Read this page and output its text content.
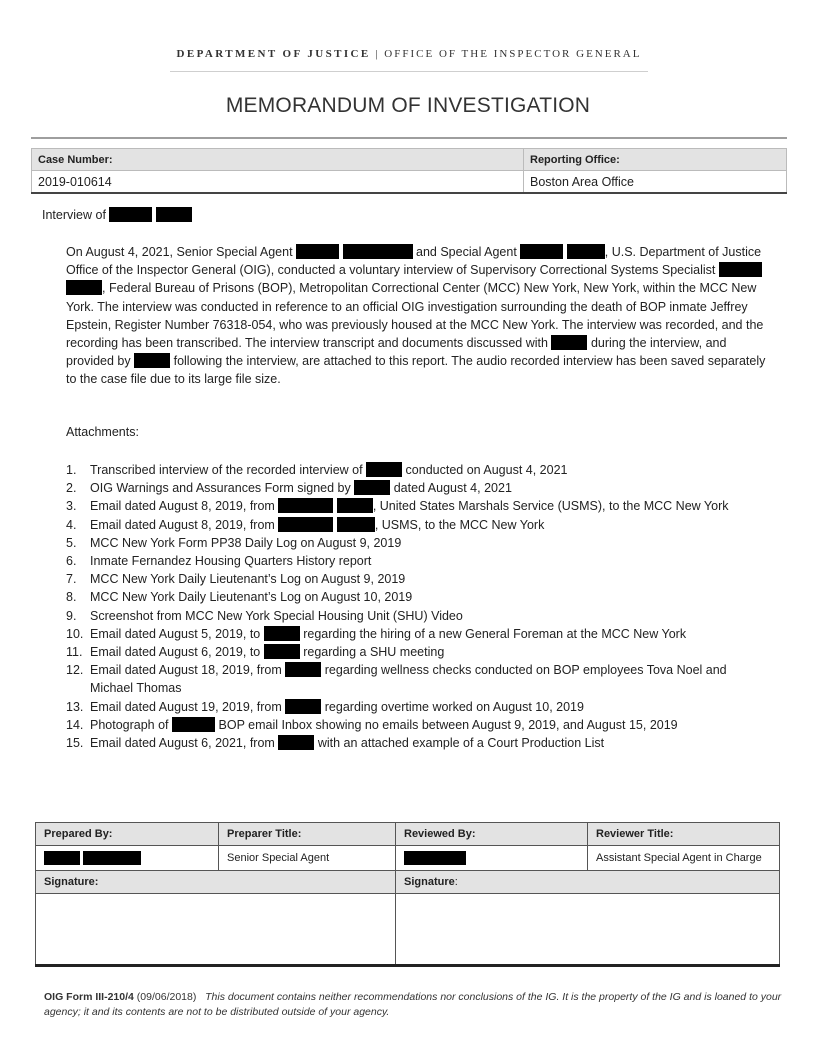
DEPARTMENT OF JUSTICE | OFFICE OF THE INSPECTOR GENERAL
MEMORANDUM OF INVESTIGATION
Case Number:	Reporting Office:
2019-010614	Boston Area Office
Interview of
On August 4, 2021, Senior Special Agent	and Special Agent	, U.S. Department of Justice Office of the Inspector General (OIG), conducted a voluntary interview of Supervisory Correctional Systems Specialist  , Federal Bureau of Prisons (BOP), Metropolitan Correctional Center (MCC) New York, New York, within the MCC New York. The interview was conducted in reference to an official OIG investigation surrounding the death of BOP inmate Jeffrey Epstein, Register Number 76318-054, who was previously housed at the MCC New York. The interview was recorded, and the recording has been transcribed. The interview transcript and documents discussed with	during the interview, and provided by	following the interview, are attached to this report. The audio recorded interview has been saved separately to the case file due to its large file size.
Attachments:
1. Transcribed interview of the recorded interview of	conducted on August 4, 2021
2. OIG Warnings and Assurances Form signed by	dated August 4, 2021
3. Email dated August 8, 2019, from	, United States Marshals Service (USMS), to the MCC New York
4. Email dated August 8, 2019, from	, USMS, to the MCC New York
5. MCC New York Form PP38 Daily Log on August 9, 2019
6. Inmate Fernandez Housing Quarters History report
7. MCC New York Daily Lieutenant’s Log on August 9, 2019
8. MCC New York Daily Lieutenant’s Log on August 10, 2019
9. Screenshot from MCC New York Special Housing Unit (SHU) Video
10. Email dated August 5, 2019, to	regarding the hiring of a new General Foreman at the MCC New York
11. Email dated August 6, 2019, to	regarding a SHU meeting
12. Email dated August 18, 2019, from	regarding wellness checks conducted on BOP employees Tova Noel and Michael Thomas
13. Email dated August 19, 2019, from	regarding overtime worked on August 10, 2019
14. Photograph of	BOP email Inbox showing no emails between August 9, 2019, and August 15, 2019
15. Email dated August 6, 2021, from	with an attached example of a Court Production List
Prepared By:	Preparer Title:	Reviewed By:	Reviewer Title:
	Senior Special Agent		Assistant Special Agent in Charge
Signature:		Signature:	

OIG Form III-210/4 (09/06/2018) This document contains neither recommendations nor conclusions of the IG. It is the property of the IG and is loaned to your agency; it and its contents are not to be distributed outside of your agency.
